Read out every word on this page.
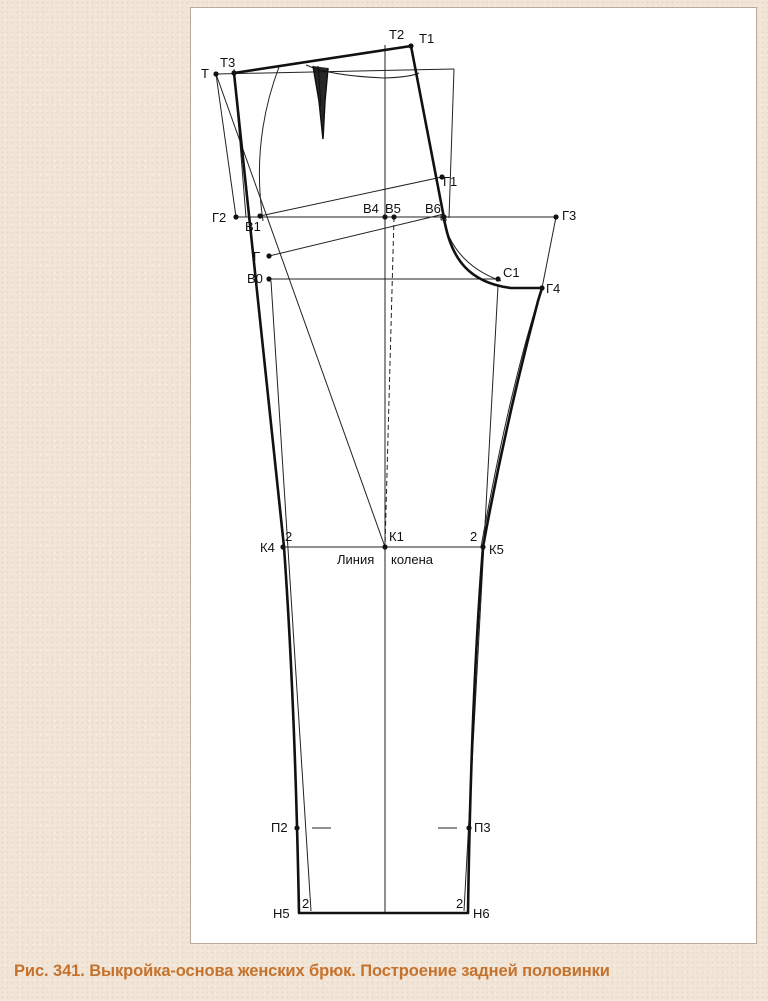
Т
Т3
Т2 Т1
Г1
Г2
В1
В4 В5 В6	Г3
Г
В0	С1
Г4
К4
К1
К5
П2	П3
Н5	Н6
2	2
2	2
Линия колена
Рис. 341. Выкройка-основа женских брюк. Построение задней половинки
